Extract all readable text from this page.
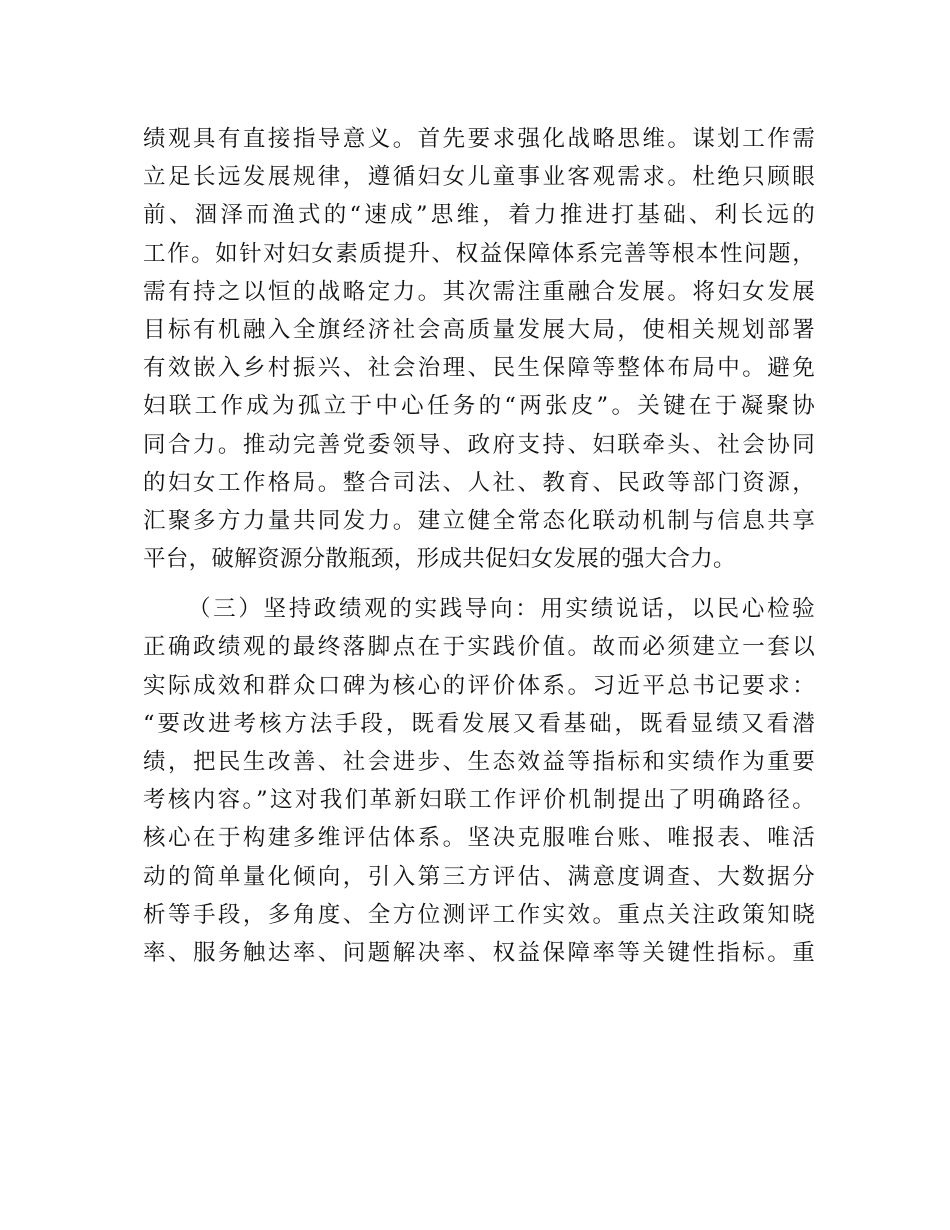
绩观具有直接指导意义。首先要求强化战略思维。谋划工作需
立足长远发展规律，遵循妇女儿童事业客观需求。杜绝只顾眼
前、涸泽而渔式的“速成”思维，着力推进打基础、利长远的
工作。如针对妇女素质提升、权益保障体系完善等根本性问题，
需有持之以恒的战略定力。其次需注重融合发展。将妇女发展
目标有机融入全旗经济社会高质量发展大局，使相关规划部署
有效嵌入乡村振兴、社会治理、民生保障等整体布局中。避免
妇联工作成为孤立于中心任务的“两张皮”。关键在于凝聚协
同合力。推动完善党委领导、政府支持、妇联牵头、社会协同
的妇女工作格局。整合司法、人社、教育、民政等部门资源，
汇聚多方力量共同发力。建立健全常态化联动机制与信息共享
平台，破解资源分散瓶颈，形成共促妇女发展的强大合力。
（三）坚持政绩观的实践导向：用实绩说话，以民心检验
正确政绩观的最终落脚点在于实践价值。故而必须建立一套以
实际成效和群众口碑为核心的评价体系。习近平总书记要求：
“要改进考核方法手段，既看发展又看基础，既看显绩又看潜
绩，把民生改善、社会进步、生态效益等指标和实绩作为重要
考核内容。”这对我们革新妇联工作评价机制提出了明确路径。
核心在于构建多维评估体系。坚决克服唯台账、唯报表、唯活
动的简单量化倾向，引入第三方评估、满意度调查、大数据分
析等手段，多角度、全方位测评工作实效。重点关注政策知晓
率、服务触达率、问题解决率、权益保障率等关键性指标。重
